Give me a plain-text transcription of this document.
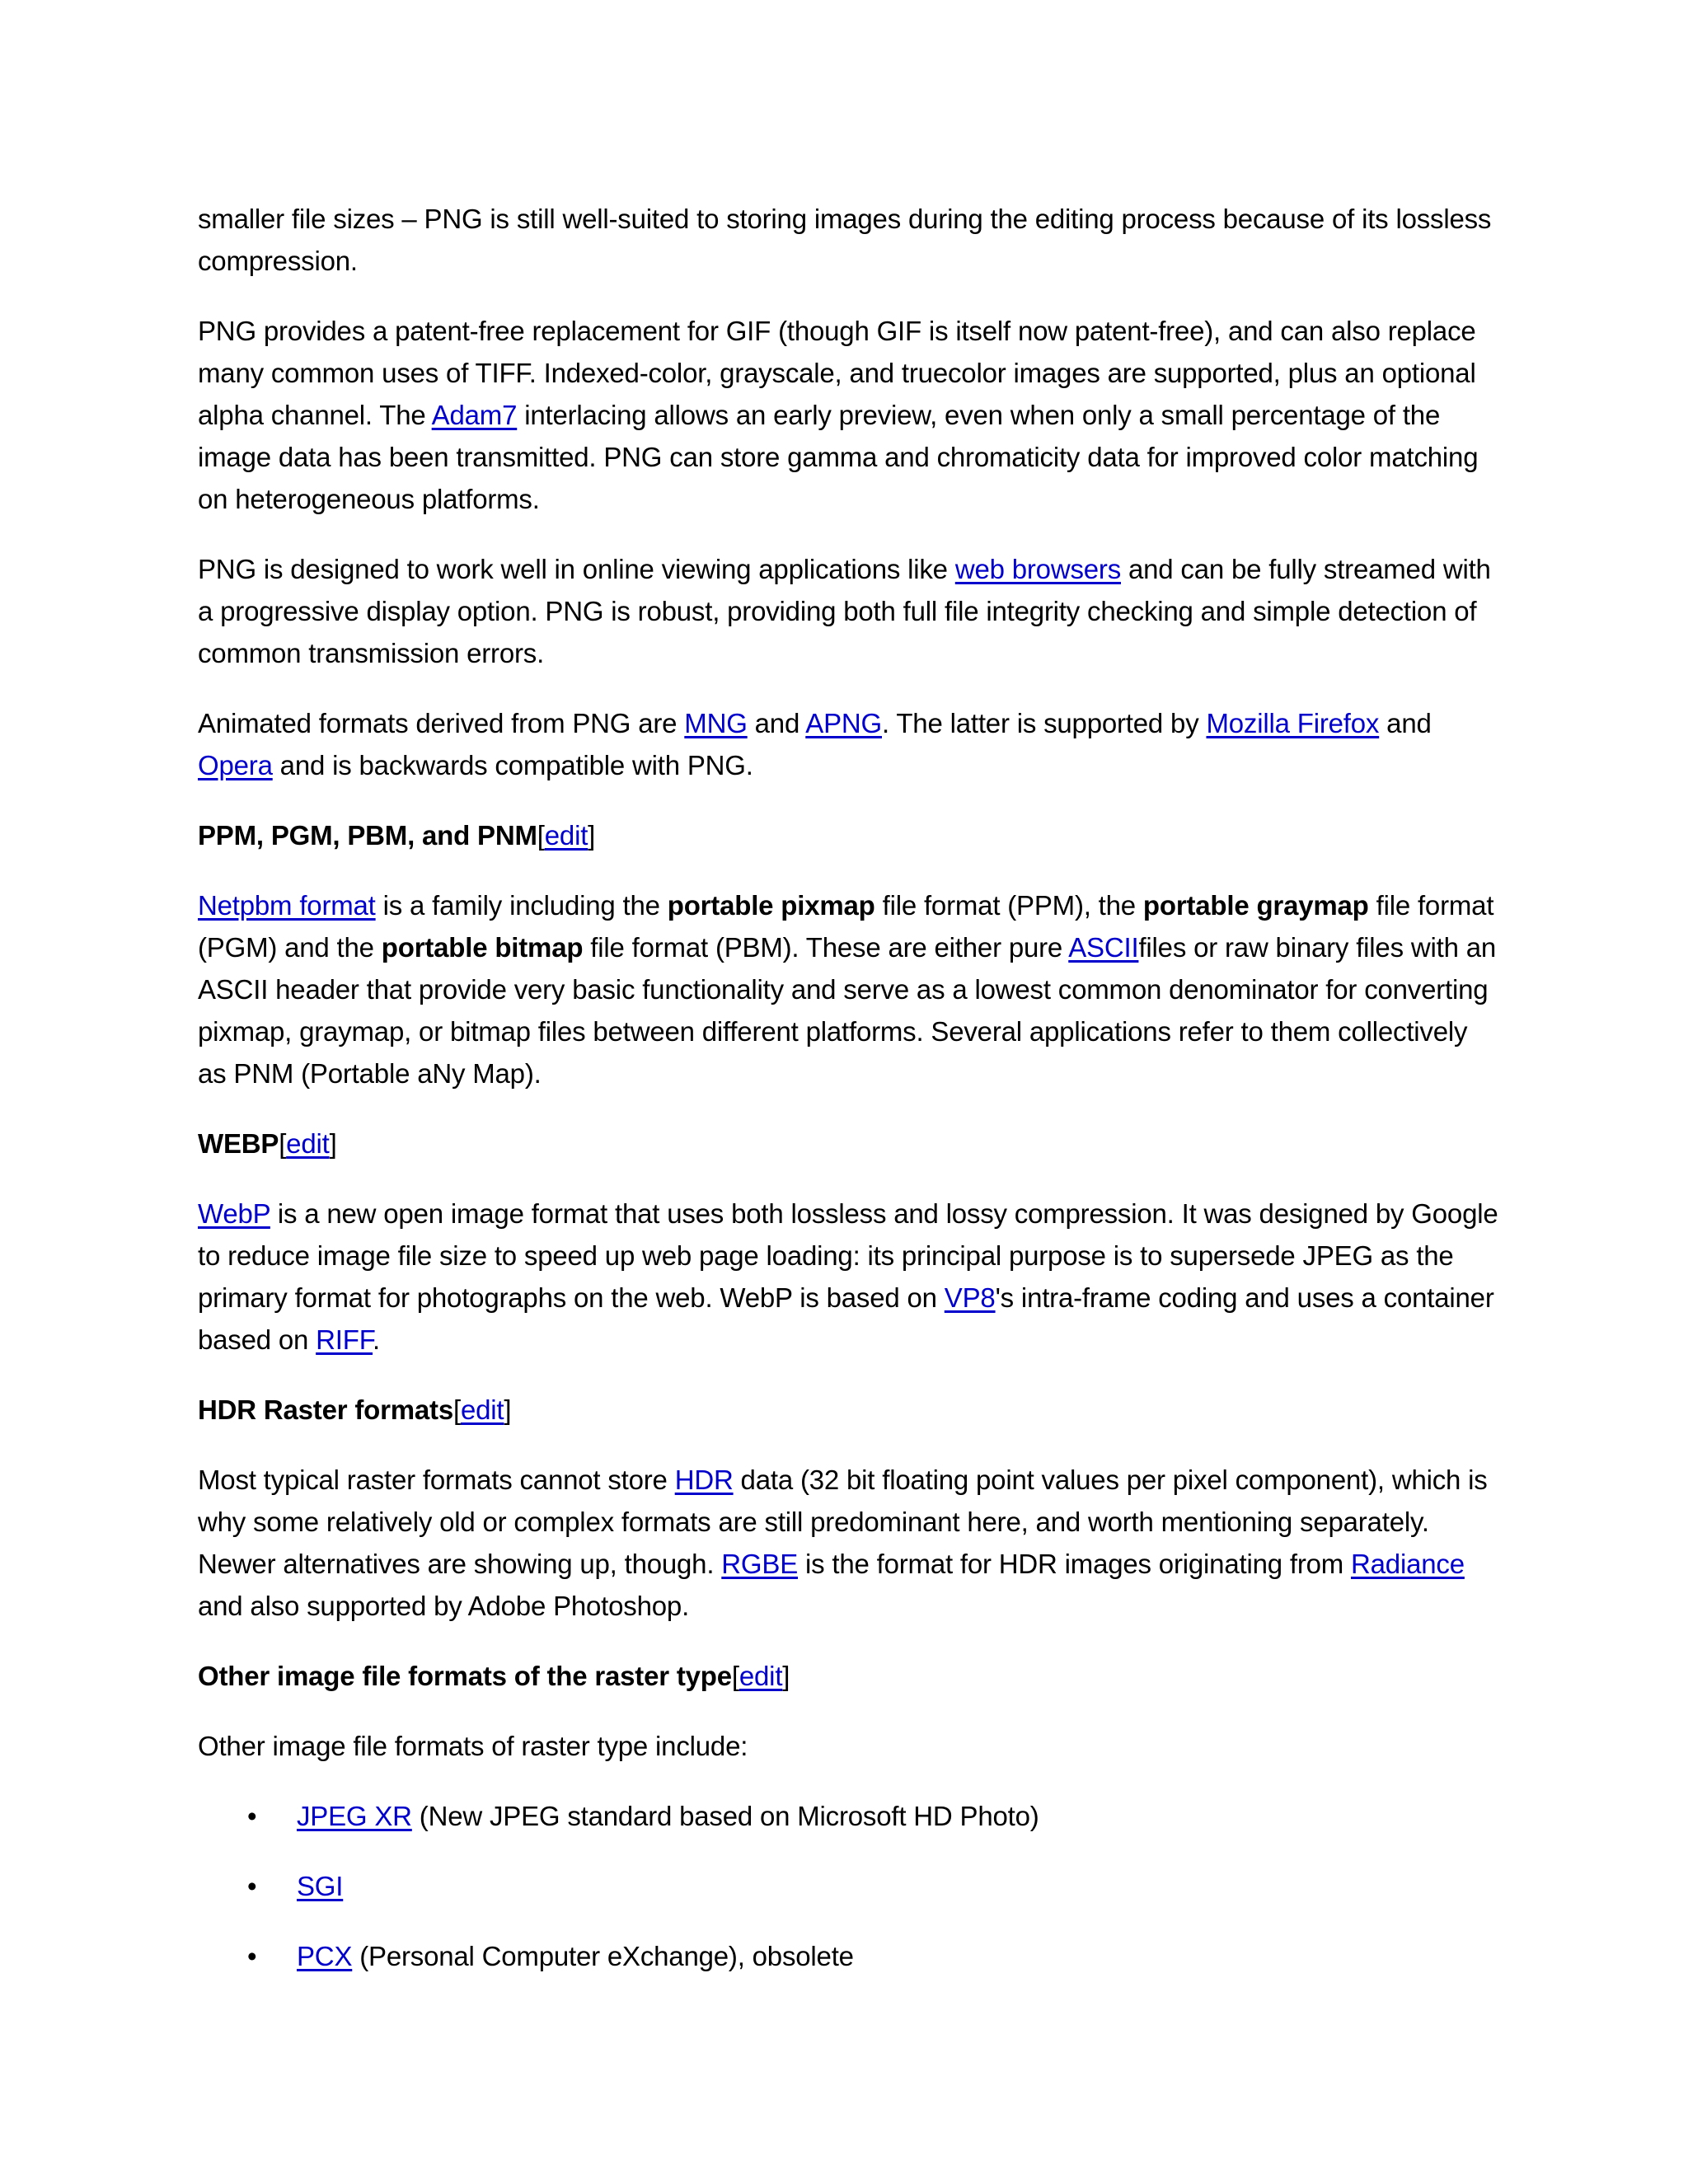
smaller file sizes – PNG is still well-suited to storing images during the editing process because of its lossless compression.

PNG provides a patent-free replacement for GIF (though GIF is itself now patent-free), and can also replace many common uses of TIFF. Indexed-color, grayscale, and truecolor images are supported, plus an optional alpha channel. The Adam7 interlacing allows an early preview, even when only a small percentage of the image data has been transmitted. PNG can store gamma and chromaticity data for improved color matching on heterogeneous platforms.

PNG is designed to work well in online viewing applications like web browsers and can be fully streamed with a progressive display option. PNG is robust, providing both full file integrity checking and simple detection of common transmission errors.

Animated formats derived from PNG are MNG and APNG. The latter is supported by Mozilla Firefox and Opera and is backwards compatible with PNG.

PPM, PGM, PBM, and PNM[edit]

Netpbm format is a family including the portable pixmap file format (PPM), the portable graymap file format (PGM) and the portable bitmap file format (PBM). These are either pure ASCIIfiles or raw binary files with an ASCII header that provide very basic functionality and serve as a lowest common denominator for converting pixmap, graymap, or bitmap files between different platforms. Several applications refer to them collectively as PNM (Portable aNy Map).

WEBP[edit]

WebP is a new open image format that uses both lossless and lossy compression. It was designed by Google to reduce image file size to speed up web page loading: its principal purpose is to supersede JPEG as the primary format for photographs on the web. WebP is based on VP8's intra-frame coding and uses a container based on RIFF.

HDR Raster formats[edit]

Most typical raster formats cannot store HDR data (32 bit floating point values per pixel component), which is why some relatively old or complex formats are still predominant here, and worth mentioning separately. Newer alternatives are showing up, though. RGBE is the format for HDR images originating from Radiance and also supported by Adobe Photoshop.

Other image file formats of the raster type[edit]

Other image file formats of raster type include:

• JPEG XR (New JPEG standard based on Microsoft HD Photo)
• SGI
• PCX (Personal Computer eXchange), obsolete
